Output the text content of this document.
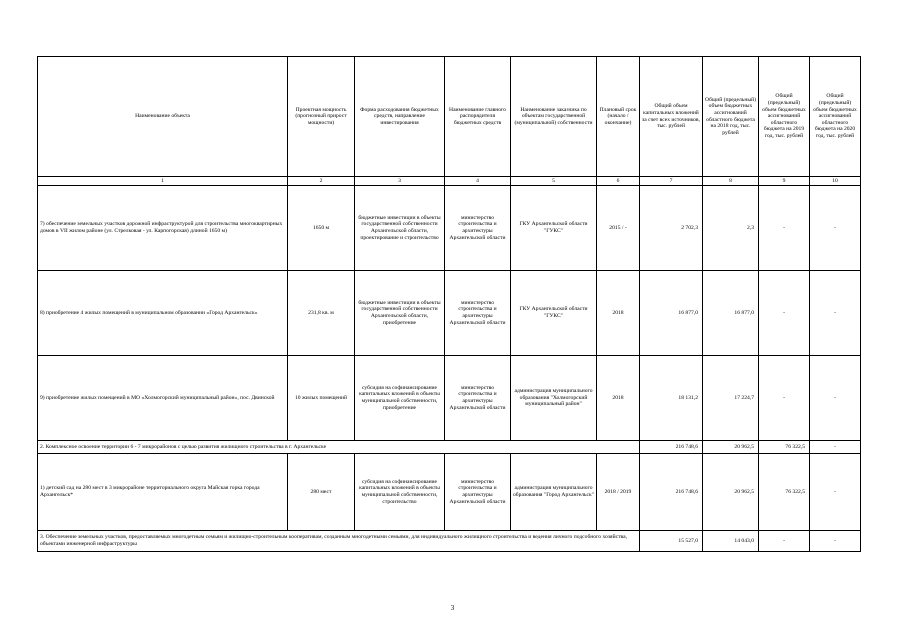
Наименование объекта	Проектная мощность (прогнозный прирост мощности)	Форма расходования бюджетных средств, направление инвестирования	Наименование главного распорядителя бюджетных средств	Наименование заказчика по объектам государственной (муниципальной) собственности	Плановый срок (начало / окончание)	Общий объем капитальных вложений за счет всех источников, тыс. рублей	Общий (предельный) объем бюджетных ассигнований областного бюджета на 2018 год, тыс. рублей	Общий (предельный) объем бюджетных ассигнований областного бюджета на 2019 год, тыс. рублей	Общий (предельный) объем бюджетных ассигнований областного бюджета на 2020 год, тыс. рублей
1	2	3	4	5	6	7	8	9	10
7) обеспечение земельных участков дорожной инфраструктурой для строительства многоквартирных домов в VII жилом районе (ул. Стрелковая - ул. Карпогорская) длиной 1650 м)	1650 м	бюджетные инвестиции в объекты государственной собственности Архангельской области, проектирование и строительство	министерство строительства и архитектуры Архангельской области	ГКУ Архангельской области "ГУКС"	2015 / -	2 702,3	2,3	-	-
8) приобретение 4 жилых помещений в муниципальном образовании «Город Архангельск»	231,8 кв. м	бюджетные инвестиции в объекты государственной собственности Архангельской области, приобретение	министерство строительства и архитектуры Архангельской области	ГКУ Архангельской области "ГУКС"	2018	16 877,0	16 877,0	-	-
9) приобретение жилых помещений в МО «Холмогорский муниципальный район», пос. Двинской	10 жилых помещений	субсидия на софинансирование капитальных вложений в объекты муниципальной собственности, приобретение	министерство строительства и архитектуры Архангельской области	администрация муниципального образования "Холмогорский муниципальный район"	2018	18 131,2	17 224,7	-	-
2. Комплексное освоение территории 6 - 7 микрорайонов с целью развития жилищного строительства в г. Архангельске						216 748,6	20 962,5	76 322,5	-
1) детский сад на 280 мест в 3 микрорайоне территориального округа Майская горка города Архангельск*	280 мест	субсидия на софинансирование капитальных вложений в объекты муниципальной собственности, строительство	министерство строительства и архитектуры Архангельской области	администрация муниципального образования "Город Архангельск"	2018 / 2019	216 748,6	20 962,5	76 322,5	-
3. Обеспечение земельных участков, предоставляемых многодетным семьям и жилищно-строительным кооперативам, созданным многодетными семьями, для индивидуального жилищного строительства и ведения личного подсобного хозяйства, объектами инженерной инфраструктуры						15 527,0	14 043,0	-	-
3
